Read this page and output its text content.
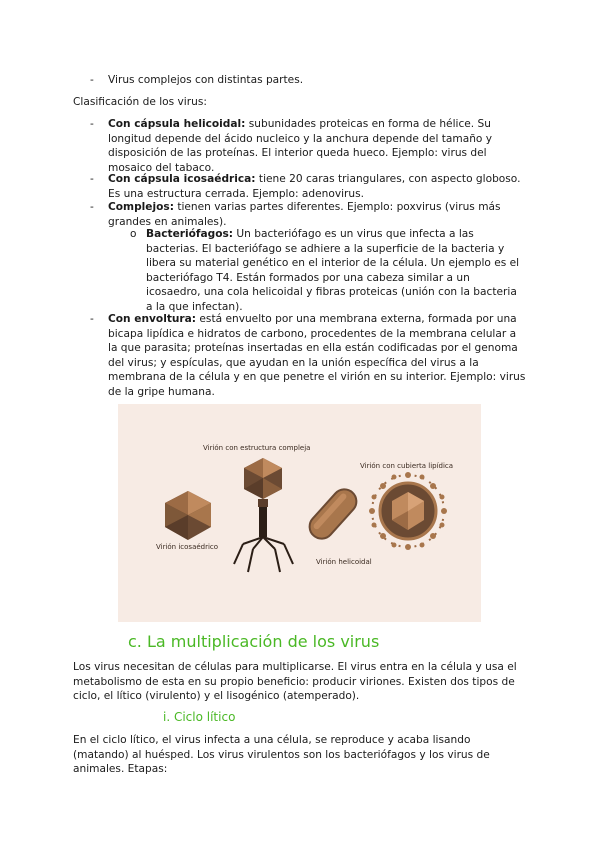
- Virus complejos con distintas partes.
Clasificación de los virus:
- Con cápsula helicoidal: subunidades proteicas en forma de hélice. Su longitud depende del ácido nucleico y la anchura depende del tamaño y disposición de las proteínas. El interior queda hueco. Ejemplo: virus del mosaico del tabaco.
- Con cápsula icosaédrica: tiene 20 caras triangulares, con aspecto globoso. Es una estructura cerrada. Ejemplo: adenovirus.
- Complejos: tienen varias partes diferentes. Ejemplo: poxvirus (virus más grandes en animales).
o Bacteriófagos: Un bacteriófago es un virus que infecta a las bacterias. El bacteriófago se adhiere a la superficie de la bacteria y libera su material genético en el interior de la célula. Un ejemplo es el bacteriófago T4. Están formados por una cabeza similar a un icosaedro, una cola helicoidal y fibras proteicas (unión con la bacteria a la que infectan).
- Con envoltura: está envuelto por una membrana externa, formada por una bicapa lipídica e hidratos de carbono, procedentes de la membrana celular a la que parasita; proteínas insertadas en ella están codificadas por el genoma del virus; y espículas, que ayudan en la unión específica del virus a la membrana de la célula y en que penetre el virión en su interior. Ejemplo: virus de la gripe humana.
Virión icosaédrico
Virión con estructura compleja
Virión helicoidal
Virión con cubierta lipídica
c. La multiplicación de los virus
Los virus necesitan de células para multiplicarse. El virus entra en la célula y usa el metabolismo de esta en su propio beneficio: producir viriones. Existen dos tipos de ciclo, el lítico (virulento) y el lisogénico (atemperado).
i. Ciclo lítico
En el ciclo lítico, el virus infecta a una célula, se reproduce y acaba lisando (matando) al huésped. Los virus virulentos son los bacteriófagos y los virus de animales. Etapas:
